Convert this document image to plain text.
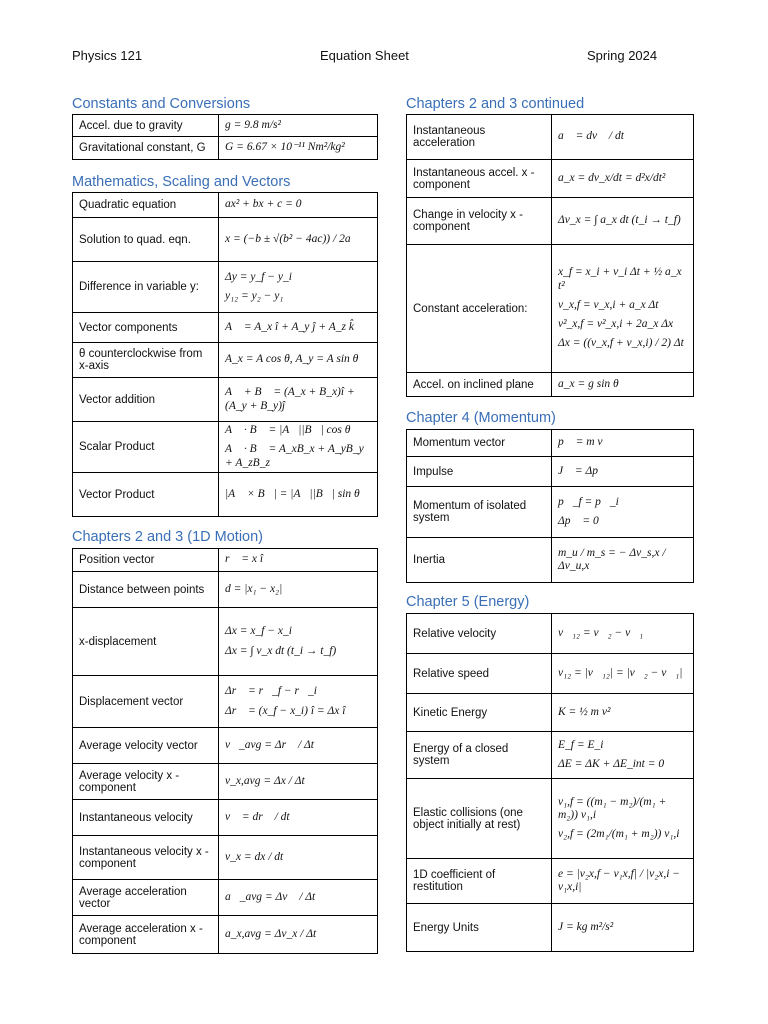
Physics 121	Equation Sheet	Spring 2024
Constants and Conversions
Accel. due to gravity	g = 9.8 m/s²

Gravitational constant, G	G = 6.67 × 10⁻¹¹ Nm²/kg²
Mathematics, Scaling and Vectors
Quadratic equation	ax² + bx + c = 0

Solution to quad. eqn.	x = (−b ± √(b² − 4ac)) / 2a

Difference in variable y:	Δy = y_f − y_i
y₁₂ = y₂ − y₁

Vector components	A⃗ = A_x î + A_y ĵ + A_z k̂

θ counterclockwise from x-axis	A_x = A cos θ, A_y = A sin θ

Vector addition	A⃗ + B⃗ = (A_x + B_x)î + (A_y + B_y)ĵ

Scalar Product	A⃗ · B⃗ = |A⃗||B⃗| cos θ
A⃗ · B⃗ = A_xB_x + A_yB_y + A_zB_z

Vector Product	|A⃗ × B⃗| = |A⃗||B⃗| sin θ
Chapters 2 and 3 (1D Motion)
Position vector	r⃗ = x î

Distance between points	d = |x₁ − x₂|

x-displacement	Δx = x_f − x_i
Δx = ∫ v_x dt (t_i → t_f)

Displacement vector	Δr⃗ = r⃗_f − r⃗_i
Δr⃗ = (x_f − x_i) î = Δx î

Average velocity vector	v⃗_avg = Δr⃗ / Δt

Average velocity x -component	v_x,avg = Δx / Δt

Instantaneous velocity	v⃗ = dr⃗ / dt

Instantaneous velocity x -component	v_x = dx / dt

Average acceleration vector	a⃗_avg = Δv⃗ / Δt

Average acceleration x -component	a_x,avg = Δv_x / Δt
Chapters 2 and 3 continued
Instantaneous acceleration	a⃗ = dv⃗ / dt

Instantaneous accel. x -component	a_x = dv_x/dt = d²x/dt²

Change in velocity x -component	Δv_x = ∫ a_x dt (t_i → t_f)

Constant acceleration:	x_f = x_i + v_i Δt + ½ a_x t²
v_x,f = v_x,i + a_x Δt
v²_x,f = v²_x,i + 2a_x Δx
Δx = ((v_x,f + v_x,i) / 2) Δt

Accel. on inclined plane	a_x = g sin θ
Chapter 4 (Momentum)
Momentum vector	p⃗ = m v⃗

Impulse	J⃗ = Δp⃗

Momentum of isolated system	p⃗_f = p⃗_i
Δp⃗ = 0

Inertia	m_u / m_s = − Δv_s,x / Δv_u,x
Chapter 5 (Energy)
Relative velocity	v⃗₁₂ = v⃗₂ − v⃗₁

Relative speed	v₁₂ = |v⃗₁₂| = |v⃗₂ − v⃗₁|

Kinetic Energy	K = ½ m v²

Energy of a closed system	E_f = E_i
ΔE = ΔK + ΔE_int = 0

Elastic collisions (one object initially at rest)	v₁,f = ((m₁ − m₂)/(m₁ + m₂)) v₁,i
v₂,f = (2m₁/(m₁ + m₂)) v₁,i

1D coefficient of restitution	e = |v₂x,f − v₁x,f| / |v₂x,i − v₁x,i|

Energy Units	J = kg m²/s²
